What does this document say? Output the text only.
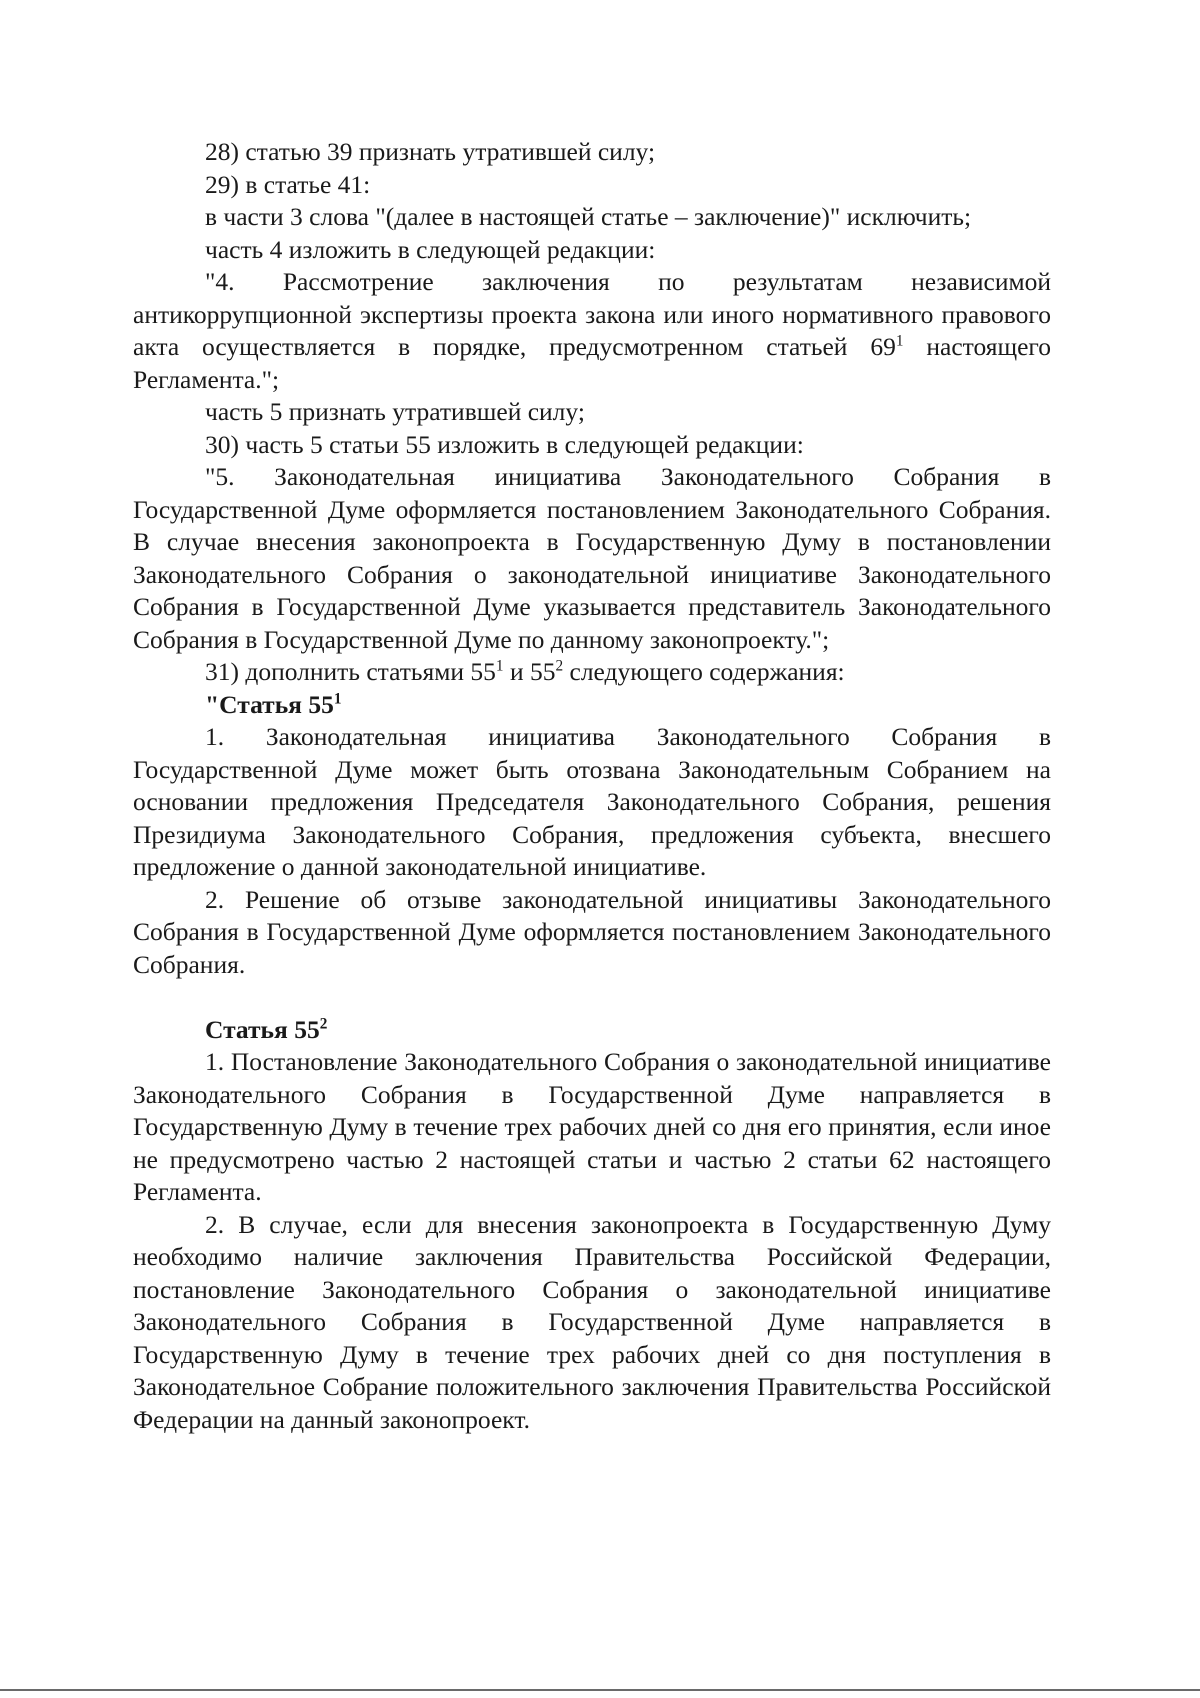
28) статью 39 признать утратившей силу;

29) в статье 41:

в части 3 слова "(далее в настоящей статье – заключение)" исключить;

часть 4 изложить в следующей редакции:

"4. Рассмотрение заключения по результатам независимой антикоррупционной экспертизы проекта закона или иного нормативного правового акта осуществляется в порядке, предусмотренном статьей $69^1$ настоящего Регламента.";

часть 5 признать утратившей силу;

30) часть 5 статьи 55 изложить в следующей редакции:

"5. Законодательная инициатива Законодательного Собрания в Государственной Думе оформляется постановлением Законодательного Собрания. В случае внесения законопроекта в Государственную Думу в постановлении Законодательного Собрания о законодательной инициативе Законодательного Собрания в Государственной Думе указывается представитель Законодательного Собрания в Государственной Думе по данному законопроекту.";

31) дополнить статьями $55^1$ и $55^2$ следующего содержания:

"Статья $55^1$

1. Законодательная инициатива Законодательного Собрания в Государственной Думе может быть отозвана Законодательным Собранием на основании предложения Председателя Законодательного Собрания, решения Президиума Законодательного Собрания, предложения субъекта, внесшего предложение о данной законодательной инициативе.

2. Решение об отзыве законодательной инициативы Законодательного Собрания в Государственной Думе оформляется постановлением Законодательного Собрания.

Статья $55^2$

1. Постановление Законодательного Собрания о законодательной инициативе Законодательного Собрания в Государственной Думе направляется в Государственную Думу в течение трех рабочих дней со дня его принятия, если иное не предусмотрено частью 2 настоящей статьи и частью 2 статьи 62 настоящего Регламента.

2. В случае, если для внесения законопроекта в Государственную Думу необходимо наличие заключения Правительства Российской Федерации, постановление Законодательного Собрания о законодательной инициативе Законодательного Собрания в Государственной Думе направляется в Государственную Думу в течение трех рабочих дней со дня поступления в Законодательное Собрание положительного заключения Правительства Российской Федерации на данный законопроект.
